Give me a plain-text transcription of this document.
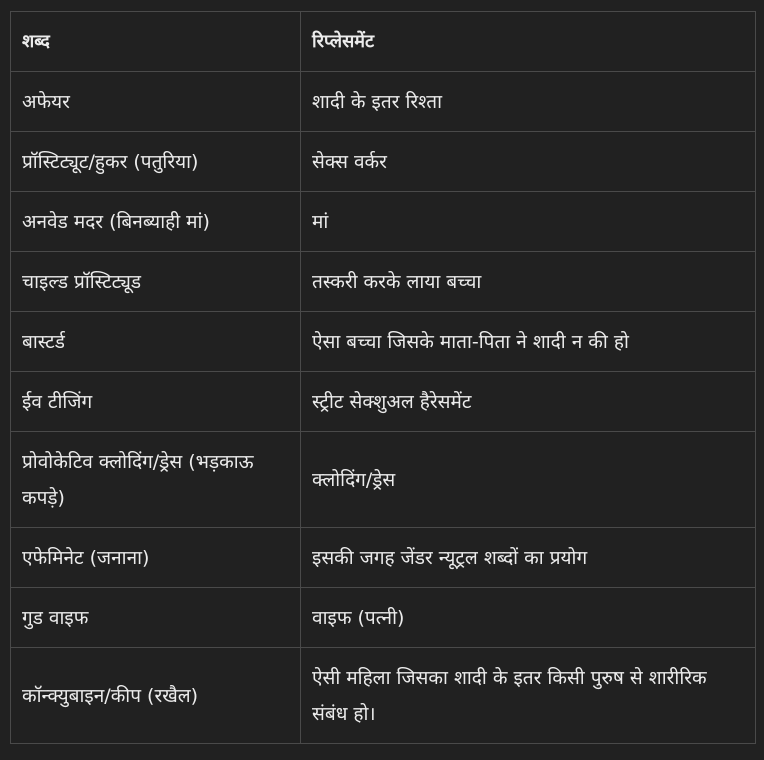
शब्द	रिप्लेसमेंट
अफेयर	शादी के इतर रिश्ता
प्रॉस्टिट्यूट/हुकर (पतुरिया)	सेक्स वर्कर
अनवेड मदर (बिनब्याही मां)	मां
चाइल्ड प्रॉस्टिट्यूड	तस्करी करके लाया बच्चा
बास्टर्ड	ऐसा बच्चा जिसके माता-पिता ने शादी न की हो
ईव टीजिंग	स्ट्रीट सेक्शुअल हैरेसमेंट
प्रोवोकेटिव क्लोदिंग/ड्रेस (भड़काऊ कपड़े)	क्लोदिंग/ड्रेस
एफेमिनेट (जनाना)	इसकी जगह जेंडर न्यूट्रल शब्दों का प्रयोग
गुड वाइफ	वाइफ (पत्नी)
कॉन्क्युबाइन/कीप (रखैल)	ऐसी महिला जिसका शादी के इतर किसी पुरुष से शारीरिक संबंध हो।
